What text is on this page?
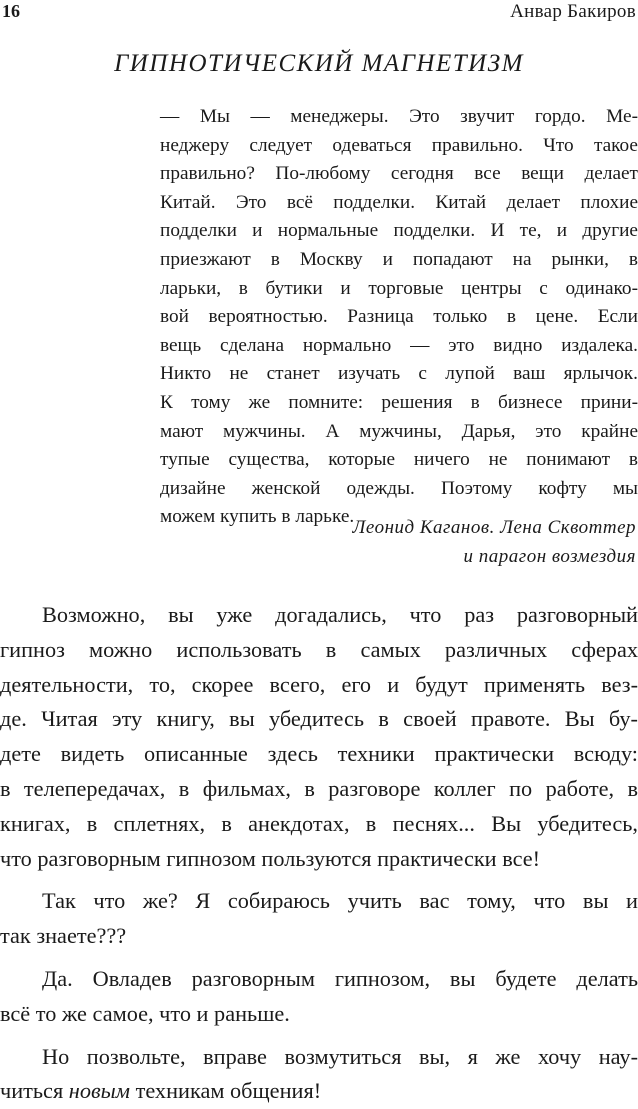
16	Анвар Бакиров
ГИПНОТИЧЕСКИЙ МАГНЕТИЗМ
— Мы — менеджеры. Это звучит гордо. Ме-
неджеру следует одеваться правильно. Что такое
правильно? По-любому сегодня все вещи делает
Китай. Это всё подделки. Китай делает плохие
подделки и нормальные подделки. И те, и другие
приезжают в Москву и попадают на рынки, в
ларьки, в бутики и торговые центры с одинако-
вой вероятностью. Разница только в цене. Если
вещь сделана нормально — это видно издалека.
Никто не станет изучать с лупой ваш ярлычок.
К тому же помните: решения в бизнесе прини-
мают мужчины. А мужчины, Дарья, это крайне
тупые существа, которые ничего не понимают в
дизайне женской одежды. Поэтому кофту мы
можем купить в ларьке.
Леонид Каганов. Лена Сквоттер
и парагон возмездия
Возможно, вы уже догадались, что раз разговорный
гипноз можно использовать в самых различных сферах
деятельности, то, скорее всего, его и будут применять вез-
де. Читая эту книгу, вы убедитесь в своей правоте. Вы бу-
дете видеть описанные здесь техники практически всюду:
в телепередачах, в фильмах, в разговоре коллег по работе, в
книгах, в сплетнях, в анекдотах, в песнях... Вы убедитесь,
что разговорным гипнозом пользуются практически все!
Так что же? Я собираюсь учить вас тому, что вы и
так знаете???
Да. Овладев разговорным гипнозом, вы будете делать
всё то же самое, что и раньше.
Но позвольте, вправе возмутиться вы, я же хочу нау-
читься новым техникам общения!
